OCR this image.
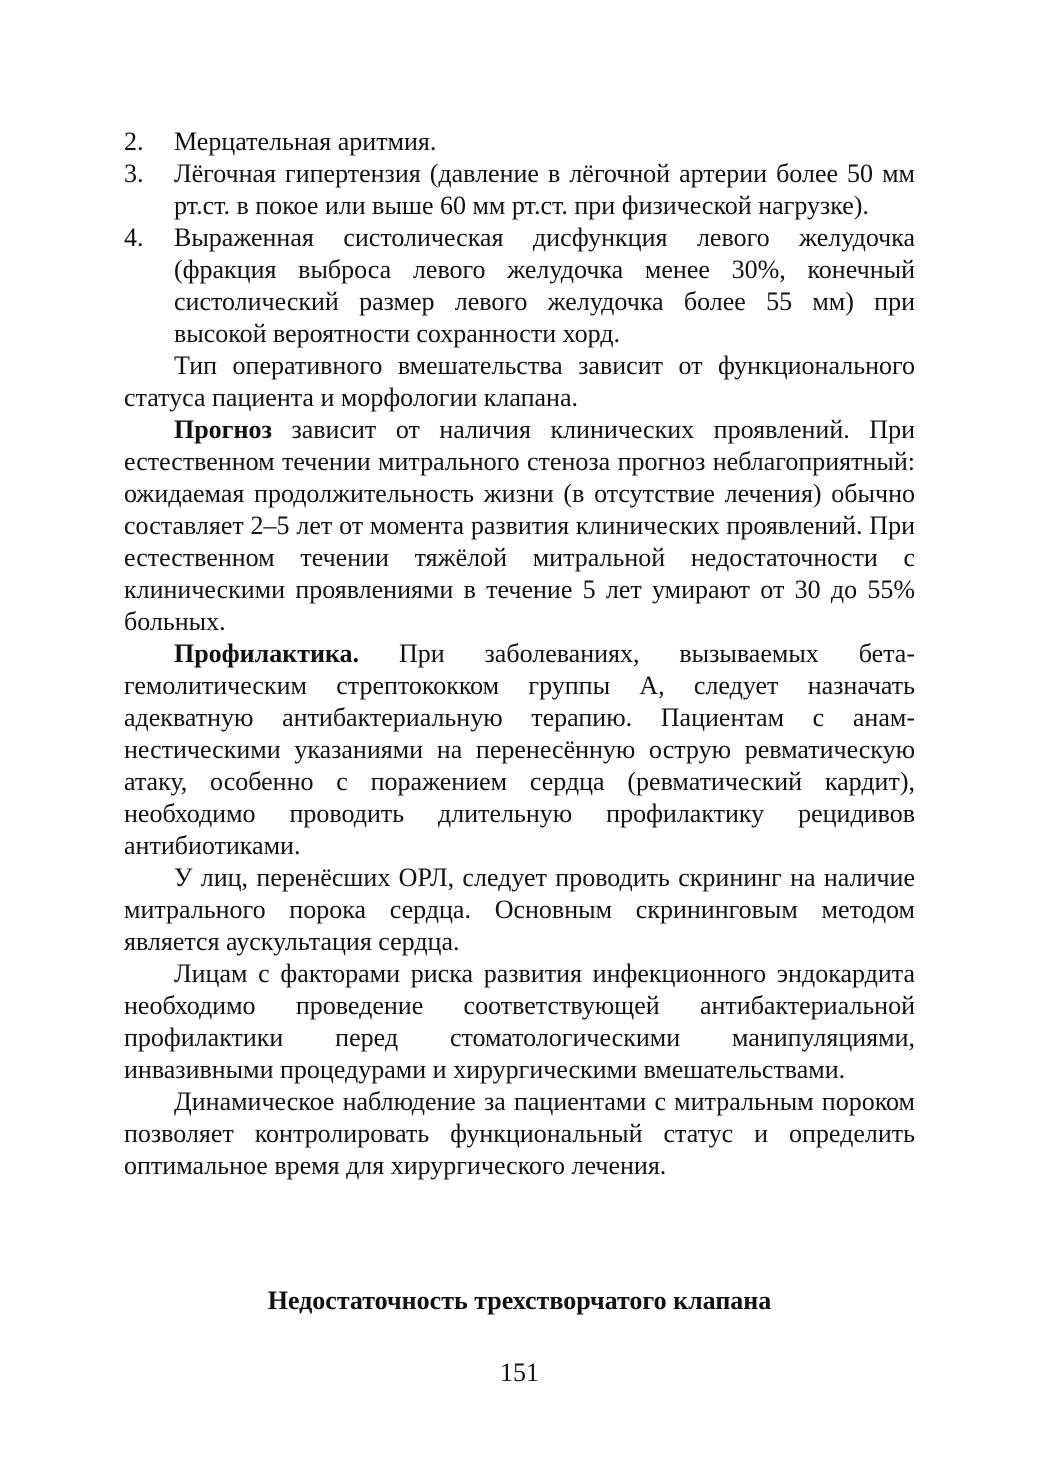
2. Мерцательная аритмия.
3. Лёгочная гипертензия (давление в лёгочной артерии более 50 мм рт.ст. в покое или выше 60 мм рт.ст. при физической нагрузке).
4. Выраженная систолическая дисфункция левого желудочка (фракция выброса левого желудочка менее 30%, конечный систолический размер левого желудочка более 55 мм) при высокой вероятности сохранности хорд.

Тип оперативного вмешательства зависит от функционального статуса пациента и морфологии клапана.

Прогноз зависит от наличия клинических проявлений. При естественном течении митрального стеноза прогноз неблагоприятный: ожидаемая продолжительность жизни (в отсутствие лечения) обычно составляет 2–5 лет от момента развития клинических проявлений. При естественном течении тяжёлой митральной недостаточности с клиническими проявлениями в течение 5 лет умирают от 30 до 55% больных.

Профилактика. При заболеваниях, вызываемых бета-гемолитическим стрептококком группы А, следует назначать адекватную антибактериальную терапию. Пациентам с анамнестическими указаниями на перенесённую острую ревматическую атаку, особенно с поражением сердца (ревматический кардит), необходимо проводить длительную профилактику рецидивов антибиотиками.

У лиц, перенёсших ОРЛ, следует проводить скрининг на наличие митрального порока сердца. Основным скрининговым методом является аускультация сердца.

Лицам с факторами риска развития инфекционного эндокардита необходимо проведение соответствующей антибактериальной профилактики перед стоматологическими манипуляциями, инвазивными процедурами и хирургическими вмешательствами.

Динамическое наблюдение за пациентами с митральным пороком позволяет контролировать функциональный статус и определить оптимальное время для хирургического лечения.

Недостаточность трехстворчатого клапана
151
